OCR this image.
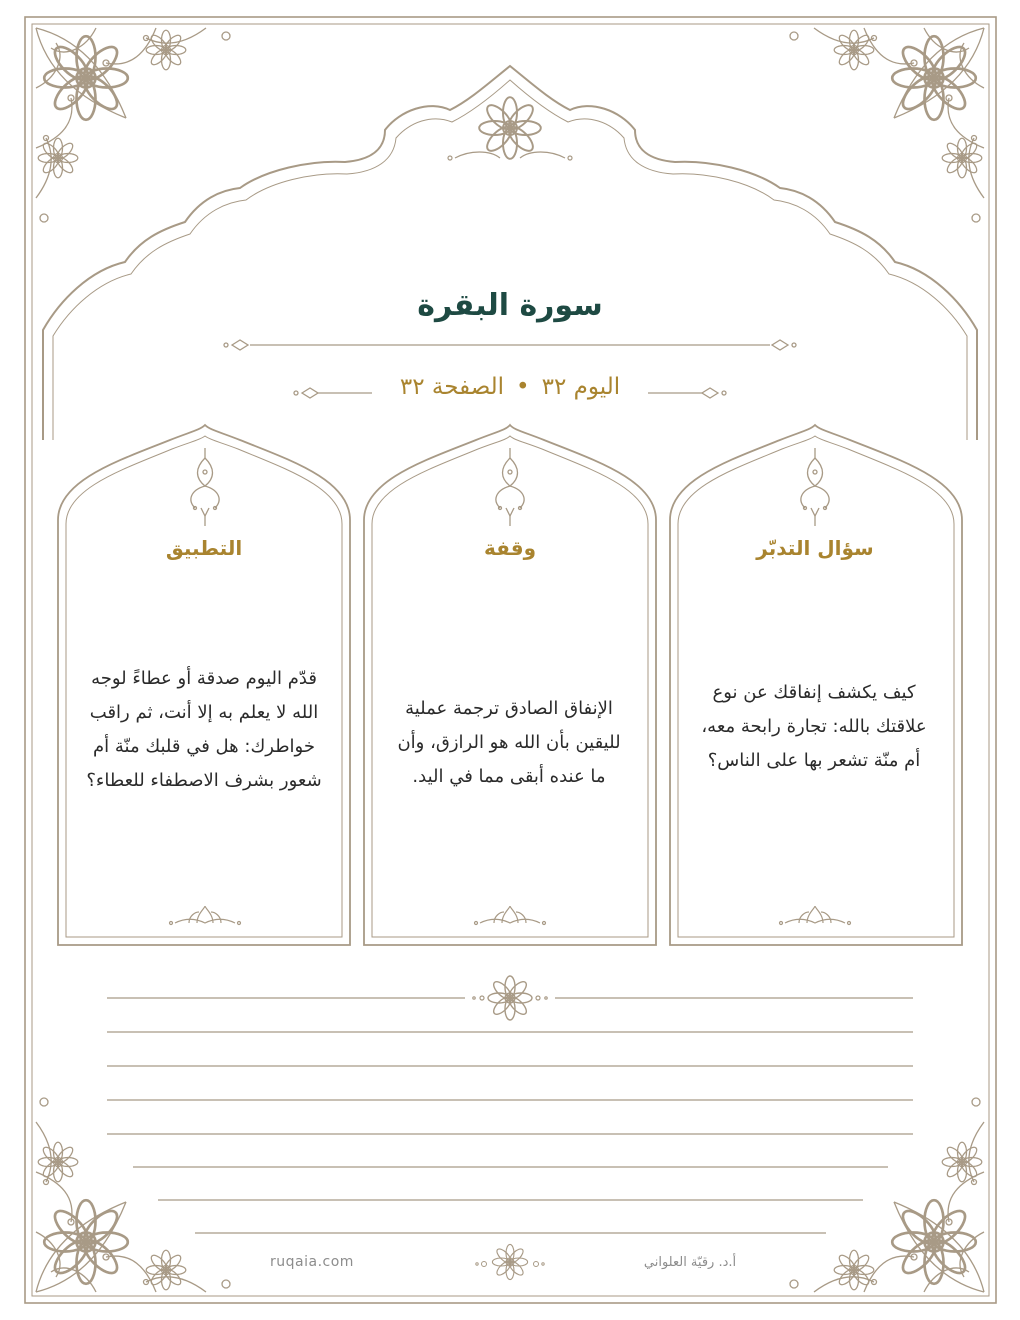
سورة البقرة
اليوم ٣٢•الصفحة ٣٢
سؤال التدبّر
كيف يكشف إنفاقك عن نوع علاقتك بالله: تجارة رابحة معه، أم منّة تشعر بها على الناس؟
وقفة
الإنفاق الصادق ترجمة عملية لليقين بأن الله هو الرازق، وأن ما عنده أبقى مما في اليد.
التطبيق
قدّم اليوم صدقة أو عطاءً لوجه الله لا يعلم به إلا أنت، ثم راقب خواطرك: هل في قلبك منّة أم شعور بشرف الاصطفاء للعطاء؟
ruqaia.com	أ.د. رقيّة العلواني
